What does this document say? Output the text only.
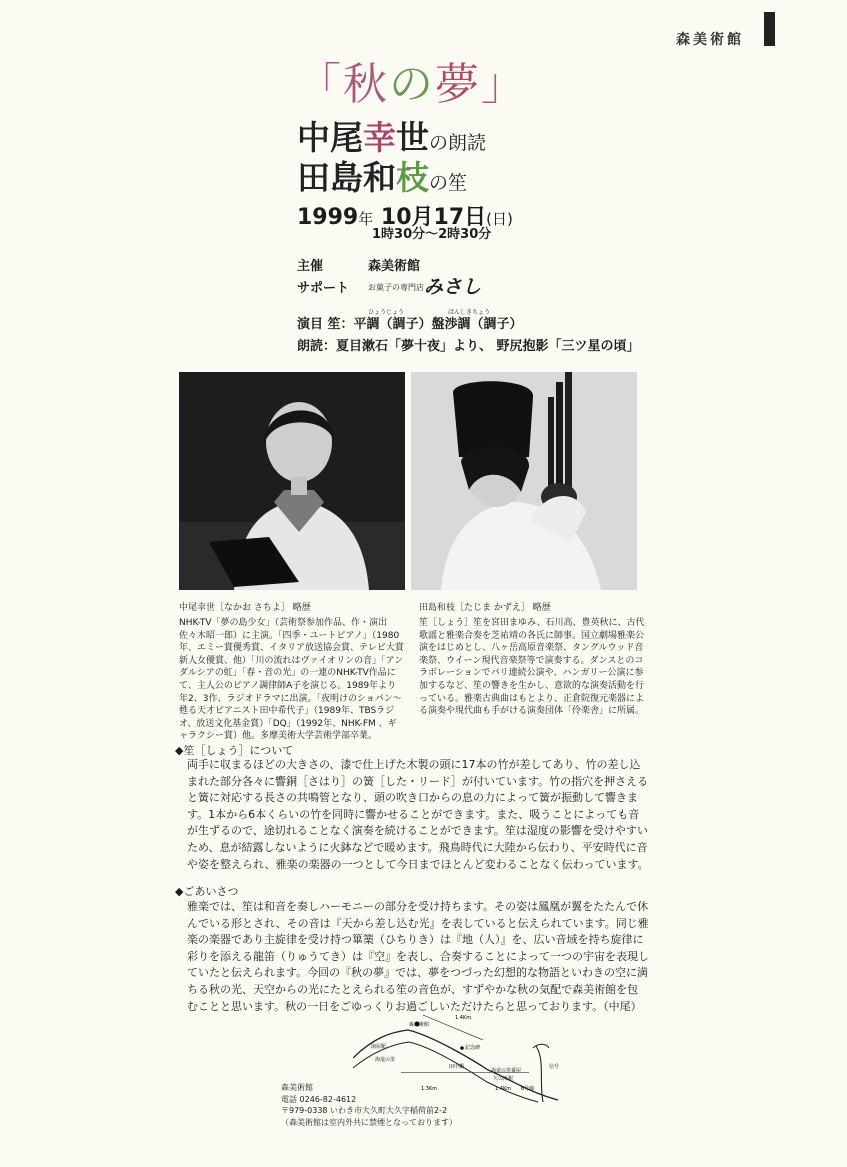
森美術館
「秋の夢」
中尾幸世の朗読
田島和枝の笙
1999年 10月17日(日)
1時30分〜2時30分
主催	森美術館
サポート お菓子の専門店 みさし
ひょうじょう	ばんしきちょう
演目 笙：平調（調子）盤渉調（調子）
朗読：夏目漱石「夢十夜」より、 野尻抱影「三ツ星の頃」
中尾幸世［なかお さちよ］ 略歴
NHK-TV「夢の島少女」（芸術祭参加作品、作・演出佐々木昭一郎）に主演。「四季・ユートピアノ」（1980年、エミー賞優秀賞、イタリア放送協会賞、テレビ大賞新人女優賞、他）「川の流れはヴァイオリンの音」「アンダルシアの虹」「春・音の光」の一連のNHK-TV作品にて、主人公のピアノ調律師A子を演じる。1989年より年2、3作、ラジオドラマに出演。「夜明けのショパン〜甦る天才ピアニスト田中希代子」（1989年、TBSラジオ、放送文化基金賞）「DQ」（1992年、NHK-FM 、ギャラクシー賞）他。多摩美術大学芸術学部卒業。
田島和枝［たじま かずえ］ 略歴
笙［しょう］笙を宮田まゆみ、石川高、豊英秋に、古代歌謡と雅楽合奏を芝祐靖の各氏に師事。国立劇場雅楽公演をはじめとし、八ヶ岳高原音楽祭、タングルウッド音楽祭、ウイーン現代音楽祭等で演奏する。ダンスとのコラボレーションでパリ連続公演や、ハンガリー公演に参加するなど、笙の響きを生かし、意欲的な演奏活動を行っている。雅楽古典曲はもとより、正倉院復元楽器による演奏や現代曲も手がける演奏団体「伶楽舎」に所属。
◆笙［しょう］について
両手に収まるほどの大きさの、漆で仕上げた木製の頭に17本の竹が差してあり、竹の差し込まれた部分各々に響銅［さはり］の簧［した・リード］が付いています。竹の指穴を押さえると簧に対応する長さの共鳴管となり、頭の吹き口からの息の力によって簧が振動して響きます。1本から6本くらいの竹を同時に響かせることができます。また、吸うことによっても音が生ずるので、途切れることなく演奏を続けることができます。笙は湿度の影響を受けやすいため、息が結露しないように火鉢などで暖めます。飛鳥時代に大陸から伝わり、平安時代に音や姿を整えられ、雅楽の楽器の一つとして今日までほとんど変わることなく伝わっています。
◆ごあいさつ
雅楽では、笙は和音を奏しハーモニーの部分を受け持ちます。その姿は鳳凰が翼をたたんで休んでいる形とされ、その音は『天から差し込む光』を表していると伝えられています。同じ雅楽の楽器であり主旋律を受け持つ篳篥（ひちりき）は『地（人）』を、広い音域を持ち旋律に彩りを添える龍笛（りゅうてき）は『空』を表し、合奏することによって一つの宇宙を表現していたと伝えられます。今回の『秋の夢』では、夢をつづった幻想的な物語といわきの空に満ちる秋の光、天空からの光にたとえられる笙の音色が、すずやかな秋の気配で森美術館を包むことと思います。秋の一日をごゆっくりお過ごしいただけたらと思っております。（中尾）
森美術館
1.4Km
湯屋駅
海竜の里
記念碑
田中橋
海竜の里番屋
久の浜駅
信号
1.3Km	1.4Km 6号線
森美術館
電話 0246-82-4612
〒979-0338 いわき市大久町大久字稲荷前2-2
（森美術館は室内外共に禁煙となっております）
